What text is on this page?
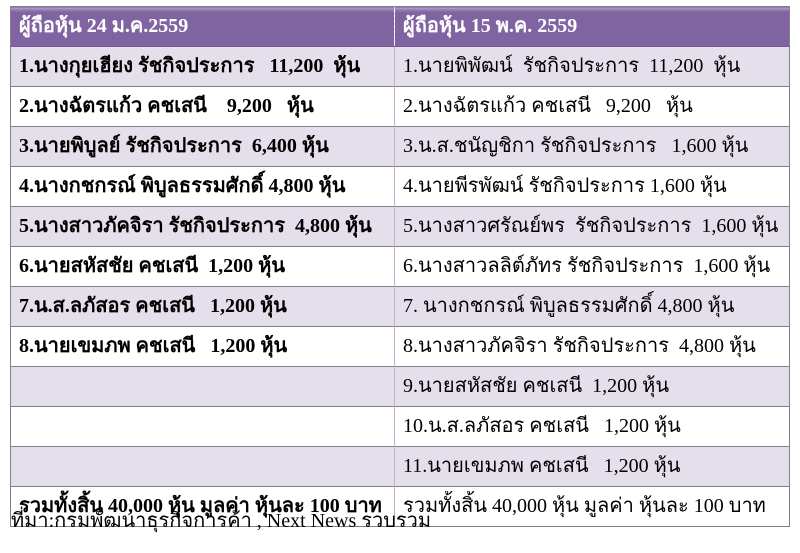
ผู้ถือหุ้น 24 ม.ค.2559	ผู้ถือหุ้น 15 พ.ค. 2559
1.นางกุยเฮียง รัชกิจประการ   11,200  หุ้น	1.นายพิพัฒน์  รัชกิจประการ  11,200  หุ้น
2.นางฉัตรแก้ว คชเสนี    9,200   หุ้น	2.นางฉัตรแก้ว คชเสนี   9,200   หุ้น
3.นายพิบูลย์ รัชกิจประการ  6,400 หุ้น	3.น.ส.ชนัญชิกา รัชกิจประการ   1,600 หุ้น
4.นางกชกรณ์ พิบูลธรรมศักดิ์ 4,800 หุ้น	4.นายพีรพัฒน์ รัชกิจประการ 1,600 หุ้น
5.นางสาวภัคจิรา รัชกิจประการ  4,800 หุ้น	5.นางสาวศรัณย์พร  รัชกิจประการ  1,600 หุ้น
6.นายสหัสชัย คชเสนี  1,200 หุ้น	6.นางสาวลลิต์ภัทร รัชกิจประการ  1,600 หุ้น
7.น.ส.ลภัสอร คชเสนี   1,200 หุ้น	7. นางกชกรณ์ พิบูลธรรมศักดิ์ 4,800 หุ้น
8.นายเขมภพ คชเสนี   1,200 หุ้น	8.นางสาวภัคจิรา รัชกิจประการ  4,800 หุ้น
	9.นายสหัสชัย คชเสนี  1,200 หุ้น
	10.น.ส.ลภัสอร คชเสนี   1,200 หุ้น
	11.นายเขมภพ คชเสนี   1,200 หุ้น
รวมทั้งสิ้น 40,000 หุ้น มูลค่า หุ้นละ 100 บาท	รวมทั้งสิ้น 40,000 หุ้น มูลค่า หุ้นละ 100 บาท
ที่มา:กรมพัฒนาธุรกิจการค้า , Next News รวบรวม
